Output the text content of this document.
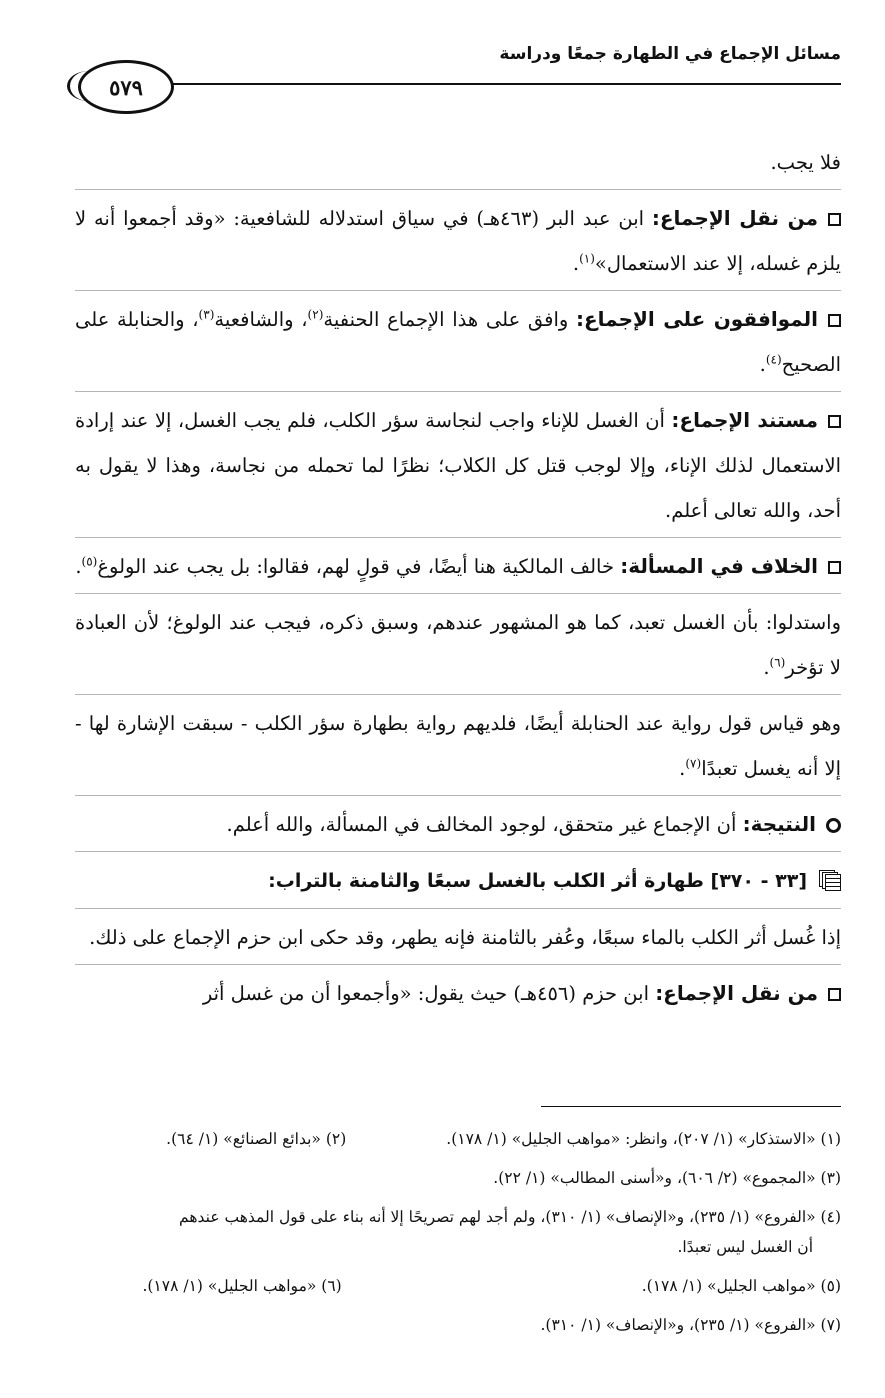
مسائل الإجماع في الطهارة جمعًا ودراسة
٥٧٩

فلا يجب.

من نقل الإجماع: ابن عبد البر (٤٦٣هـ) في سياق استدلاله للشافعية: «وقد أجمعوا أنه لا يلزم غسله، إلا عند الاستعمال»$^{(١)}$.

الموافقون على الإجماع: وافق على هذا الإجماع الحنفية$^{(٢)}$، والشافعية$^{(٣)}$، والحنابلة على الصحيح$^{(٤)}$.

مستند الإجماع: أن الغسل للإناء واجب لنجاسة سؤر الكلب، فلم يجب الغسل، إلا عند إرادة الاستعمال لذلك الإناء، وإلا لوجب قتل كل الكلاب؛ نظرًا لما تحمله من نجاسة، وهذا لا يقول به أحد، والله تعالى أعلم.

الخلاف في المسألة: خالف المالكية هنا أيضًا، في قولٍ لهم، فقالوا: بل يجب عند الولوغ$^{(٥)}$.

واستدلوا: بأن الغسل تعبد، كما هو المشهور عندهم، وسبق ذكره، فيجب عند الولوغ؛ لأن العبادة لا تؤخر$^{(٦)}$.

وهو قياس قول رواية عند الحنابلة أيضًا، فلديهم رواية بطهارة سؤر الكلب - سبقت الإشارة لها - إلا أنه يغسل تعبدًا$^{(٧)}$.

النتيجة: أن الإجماع غير متحقق، لوجود المخالف في المسألة، والله أعلم.

[٣٣ - ٣٧٠] طهارة أثر الكلب بالغسل سبعًا والثامنة بالتراب:

إذا غُسل أثر الكلب بالماء سبعًا، وعُفر بالثامنة فإنه يطهر، وقد حكى ابن حزم الإجماع على ذلك.

من نقل الإجماع: ابن حزم (٤٥٦هـ) حيث يقول: «وأجمعوا أن من غسل أثر

(١) «الاستذكار» (١/ ٢٠٧)، وانظر: «مواهب الجليل» (١/ ١٧٨).
(٢) «بدائع الصنائع» (١/ ٦٤).
(٣) «المجموع» (٢/ ٦٠٦)، و«أسنى المطالب» (١/ ٢٢).
(٤) «الفروع» (١/ ٢٣٥)، و«الإنصاف» (١/ ٣١٠)، ولم أجد لهم تصريحًا إلا أنه بناء على قول المذهب عندهم
أن الغسل ليس تعبدًا.
(٥) «مواهب الجليل» (١/ ١٧٨).
(٦) «مواهب الجليل» (١/ ١٧٨).
(٧) «الفروع» (١/ ٢٣٥)، و«الإنصاف» (١/ ٣١٠).
